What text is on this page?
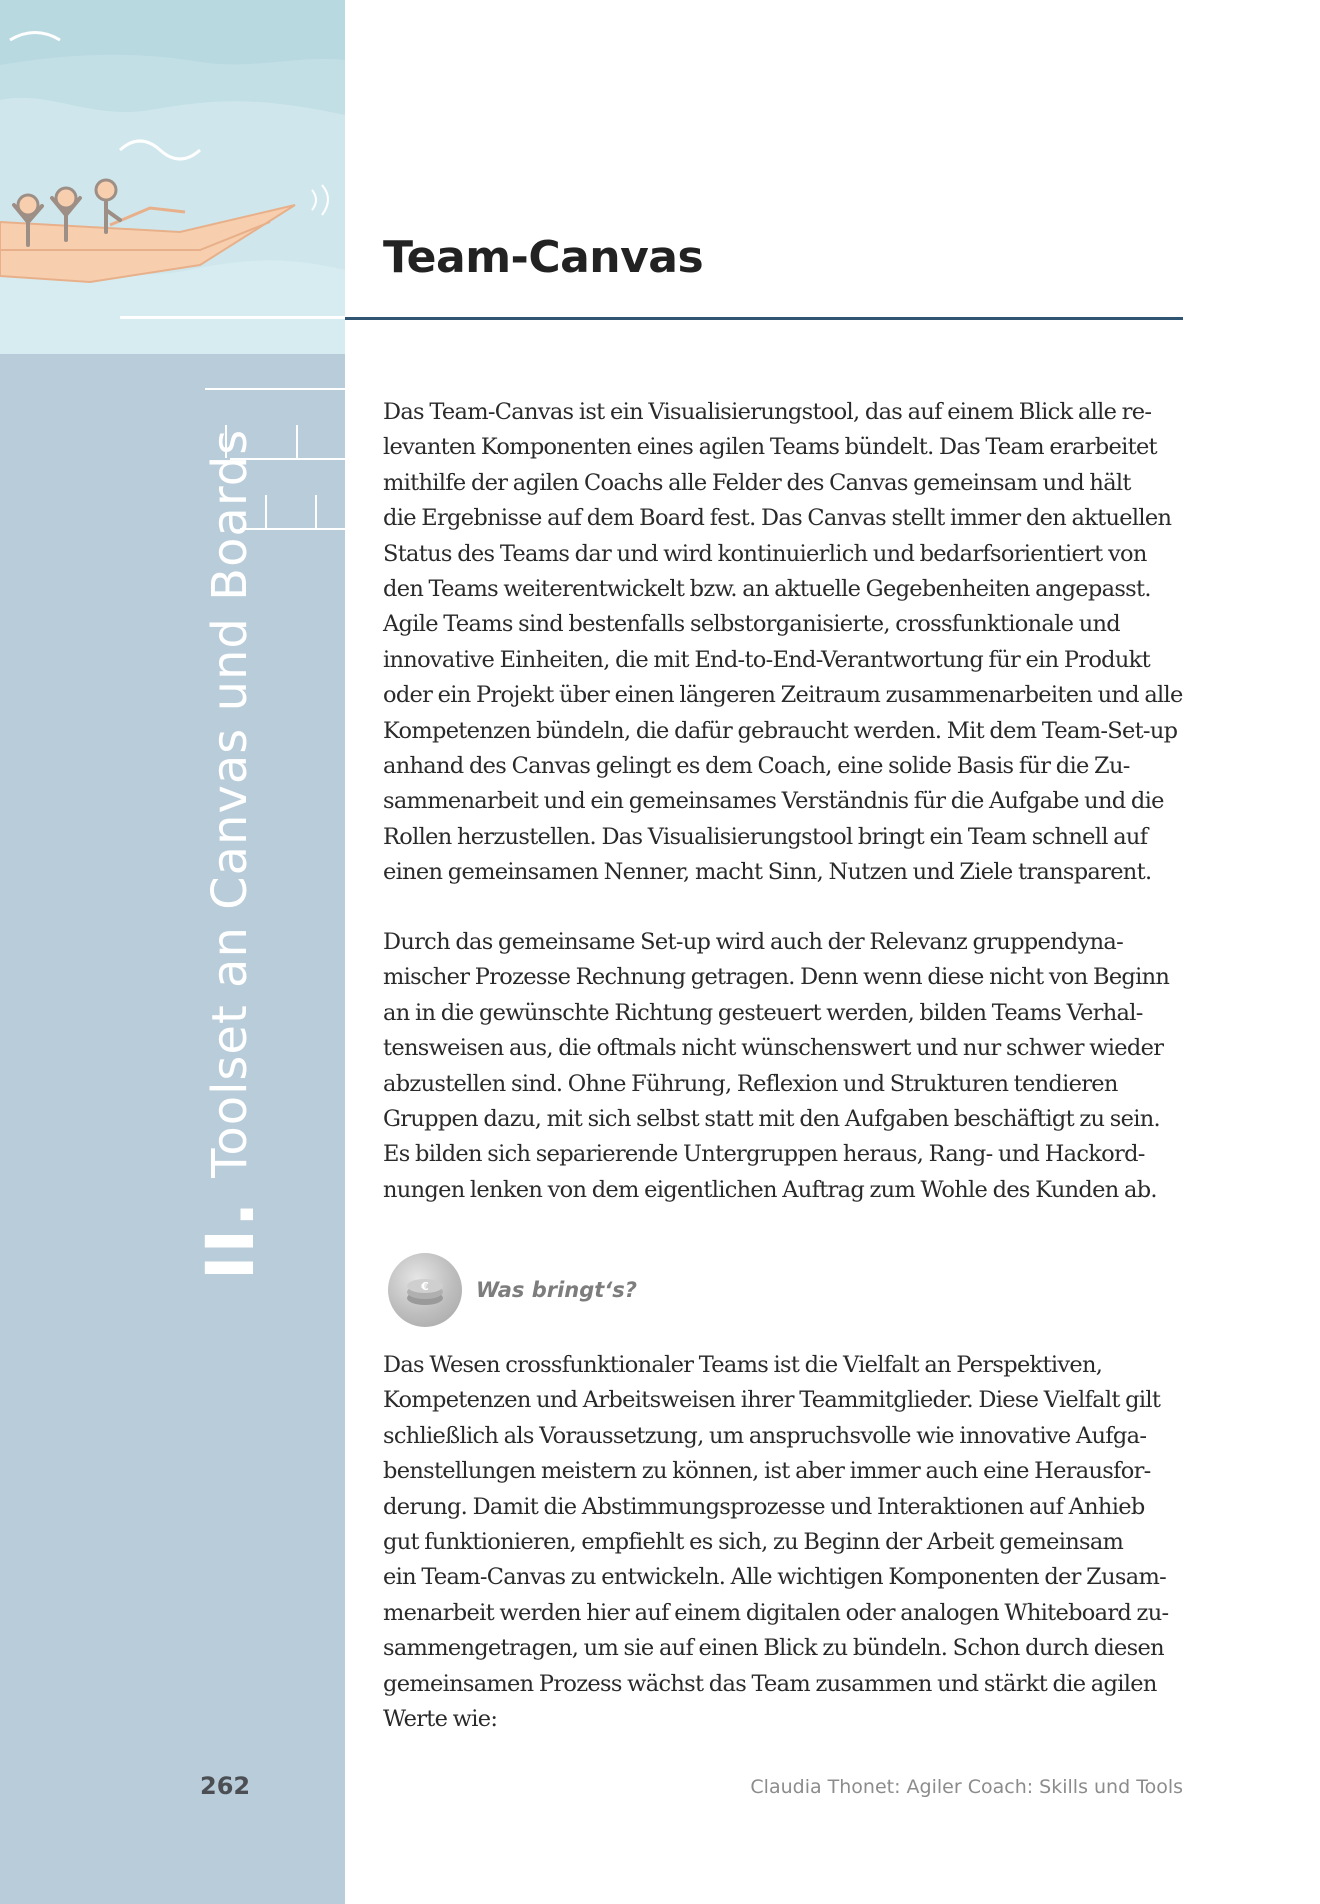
II.
Toolset an Canvas und Boards
262
Team-Canvas

Das Team-Canvas ist ein Visualisierungstool, das auf einem Blick alle re-
levanten Komponenten eines agilen Teams bündelt. Das Team erarbeitet
mithilfe der agilen Coachs alle Felder des Canvas gemeinsam und hält
die Ergebnisse auf dem Board fest. Das Canvas stellt immer den aktuellen
Status des Teams dar und wird kontinuierlich und bedarfsorientiert von
den Teams weiterentwickelt bzw. an aktuelle Gegebenheiten angepasst.
Agile Teams sind bestenfalls selbstorganisierte, crossfunktionale und
innovative Einheiten, die mit End-to-End-Verantwortung für ein Produkt
oder ein Projekt über einen längeren Zeitraum zusammenarbeiten und alle
Kompetenzen bündeln, die dafür gebraucht werden. Mit dem Team-Set-up
anhand des Canvas gelingt es dem Coach, eine solide Basis für die Zu-
sammenarbeit und ein gemeinsames Verständnis für die Aufgabe und die
Rollen herzustellen. Das Visualisierungstool bringt ein Team schnell auf
einen gemeinsamen Nenner, macht Sinn, Nutzen und Ziele transparent.

Durch das gemeinsame Set-up wird auch der Relevanz gruppendyna-
mischer Prozesse Rechnung getragen. Denn wenn diese nicht von Beginn
an in die gewünschte Richtung gesteuert werden, bilden Teams Verhal-
tensweisen aus, die oftmals nicht wünschenswert und nur schwer wieder
abzustellen sind. Ohne Führung, Reflexion und Strukturen tendieren
Gruppen dazu, mit sich selbst statt mit den Aufgaben beschäftigt zu sein.
Es bilden sich separierende Untergruppen heraus, Rang- und Hackord-
nungen lenken von dem eigentlichen Auftrag zum Wohle des Kunden ab.

€ Was bringt‘s?

Das Wesen crossfunktionaler Teams ist die Vielfalt an Perspektiven,
Kompetenzen und Arbeitsweisen ihrer Teammitglieder. Diese Vielfalt gilt
schließlich als Voraussetzung, um anspruchsvolle wie innovative Aufga-
benstellungen meistern zu können, ist aber immer auch eine Herausfor-
derung. Damit die Abstimmungsprozesse und Interaktionen auf Anhieb
gut funktionieren, empfiehlt es sich, zu Beginn der Arbeit gemeinsam
ein Team-Canvas zu entwickeln. Alle wichtigen Komponenten der Zusam-
menarbeit werden hier auf einem digitalen oder analogen Whiteboard zu-
sammengetragen, um sie auf einen Blick zu bündeln. Schon durch diesen
gemeinsamen Prozess wächst das Team zusammen und stärkt die agilen
Werte wie:

Claudia Thonet: Agiler Coach: Skills und Tools
